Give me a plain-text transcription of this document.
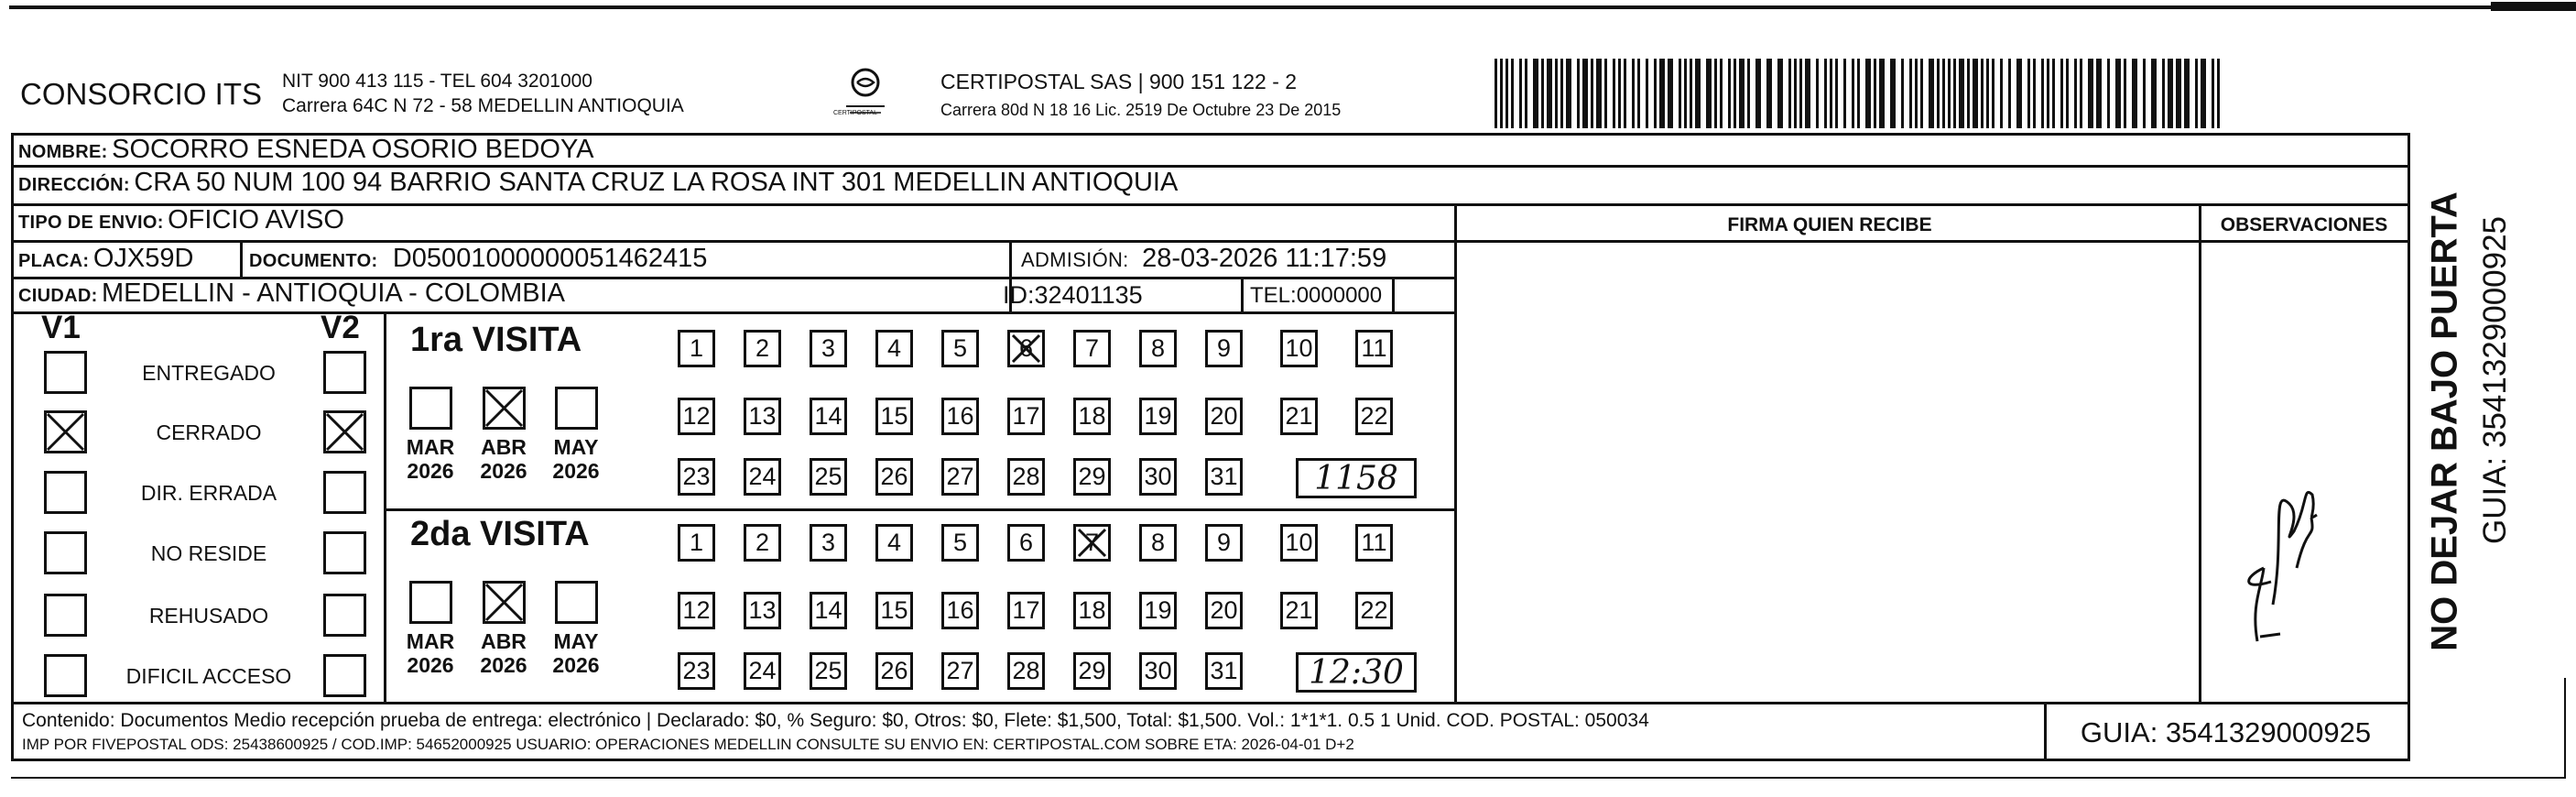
CONSORCIO ITS NIT 900 413 115 - TEL 604 3201000
Carrera 64C N 72 - 58 MEDELLIN ANTIOQUIA	CERTIPOSTAL
CERTIPOSTAL SAS | 900 151 122 - 2
Carrera 80d N 18 16 Lic. 2519 De Octubre 23 De 2015
NOMBRE: SOCORRO ESNEDA OSORIO BEDOYA
DIRECCIÓN: CRA 50 NUM 100 94 BARRIO SANTA CRUZ LA ROSA INT 301 MEDELLIN ANTIOQUIA
TIPO DE ENVIO: OFICIO AVISO	FIRMA QUIEN RECIBE	OBSERVACIONES
PLACA: OJX59D	DOCUMENTO: D05001000000051462415	ADMISIÓN: 28-03-2026 11:17:59
CIUDAD: MEDELLIN - ANTIOQUIA - COLOMBIA	ID:32401135	TEL:0000000
V1	V2
ENTREGADO
CERRADO
DIR. ERRADA
NO RESIDE
REHUSADO
DIFICIL ACCESO
1ra VISITA
MAR
2026
ABR
2026
MAY
2026
1	2	3	4	5	6	7	8	9	10 11
12 13 14 15 16 17 18 19 20 21 22
23 24 25 26 27 28 29 30 31	1158
2da VISITA
MAR
2026
ABR
2026
MAY
2026
1	2	3	4	5	6	7	8	9	10 11
12 13 14 15 16 17 18 19 20 21 22
23 24 25 26 27 28 29 30 31	12:30
NO DEJAR BAJO PUERTA GUIA: 3541329000925
Contenido: Documentos Medio recepción prueba de entrega: electrónico | Declarado: $0, % Seguro: $0, Otros: $0, Flete: $1,500, Total: $1,500. Vol.: 1*1*1. 0.5 1 Unid. COD. POSTAL: 050034
IMP POR FIVEPOSTAL ODS: 25438600925 / COD.IMP: 54652000925 USUARIO: OPERACIONES MEDELLIN CONSULTE SU ENVIO EN: CERTIPOSTAL.COM SOBRE ETA: 2026-04-01 D+2	GUIA: 3541329000925
